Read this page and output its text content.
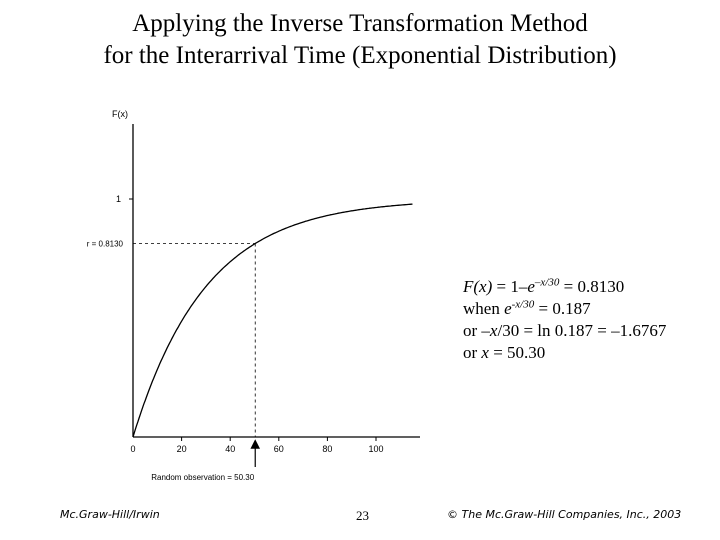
Applying the Inverse Transformation Method
for the Interarrival Time (Exponential Distribution)
F(x)
0	20	40	60	80	100
1
r = 0.8130
Random observation = 50.30
$F(x) = 1-e^{-x/30} = 0.8130$
when $e^{-x/30} = 0.187$
or –x/30 = ln 0.187 = –1.6767
or x = 50.30
Mc.Graw-Hill/Irwin	23	© The Mc.Graw-Hill Companies, Inc., 2003
